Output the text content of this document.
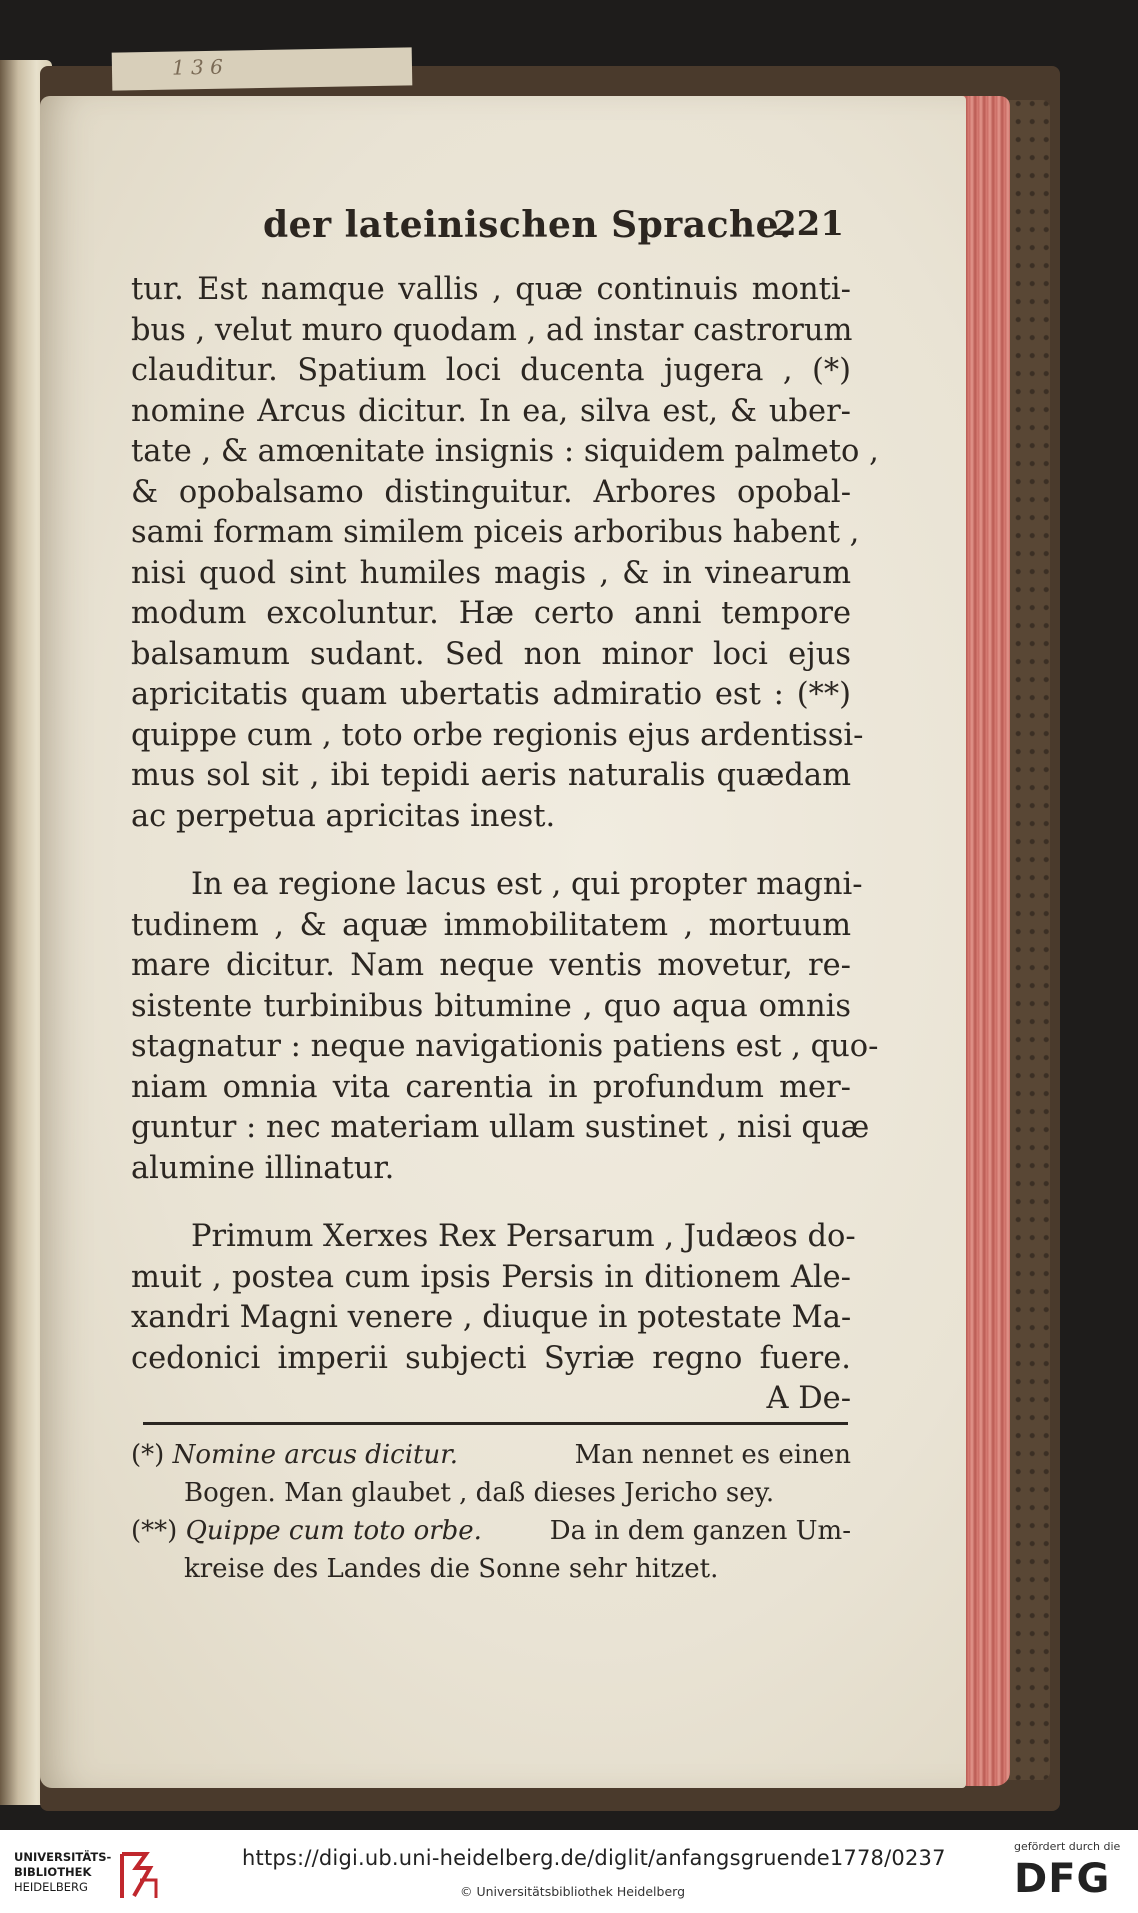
1 3 6
der lateinischen Sprache.
221
tur. Est namque vallis , quæ continuis monti-
bus , velut muro quodam , ad instar castrorum
clauditur. Spatium loci ducenta jugera , (*)
nomine Arcus dicitur. In ea, silva est, & uber-
tate , & amœnitate insignis : siquidem palmeto ,
& opobalsamo distinguitur. Arbores opobal-
sami formam similem piceis arboribus habent ,
nisi quod sint humiles magis , & in vinearum
modum excoluntur. Hæ certo anni tempore
balsamum sudant. Sed non minor loci ejus
apricitatis quam ubertatis admiratio est : (**)
quippe cum , toto orbe regionis ejus ardentissi-
mus sol sit , ibi tepidi aeris naturalis quædam
ac perpetua apricitas inest.
In ea regione lacus est , qui propter magni-
tudinem , & aquæ immobilitatem , mortuum
mare dicitur. Nam neque ventis movetur, re-
sistente turbinibus bitumine , quo aqua omnis
stagnatur : neque navigationis patiens est , quo-
niam omnia vita carentia in profundum mer-
guntur : nec materiam ullam sustinet , nisi quæ
alumine illinatur.
Primum Xerxes Rex Persarum , Judæos do-
muit , postea cum ipsis Persis in ditionem Ale-
xandri Magni venere , diuque in potestate Ma-
cedonici imperii subjecti Syriæ regno fuere.
A De-
(*) Nomine arcus dicitur.	Man nennet es einen
Bogen. Man glaubet , daß dieses Jericho sey.
(**) Quippe cum toto orbe.	Da in dem ganzen Um-
kreise des Landes die Sonne sehr hitzet.
UNIVERSITÄTS-
BIBLIOTHEK
HEIDELBERG
https://digi.ub.uni-heidelberg.de/diglit/anfangsgruende1778/0237
© Universitätsbibliothek Heidelberg
gefördert durch die
DFG
